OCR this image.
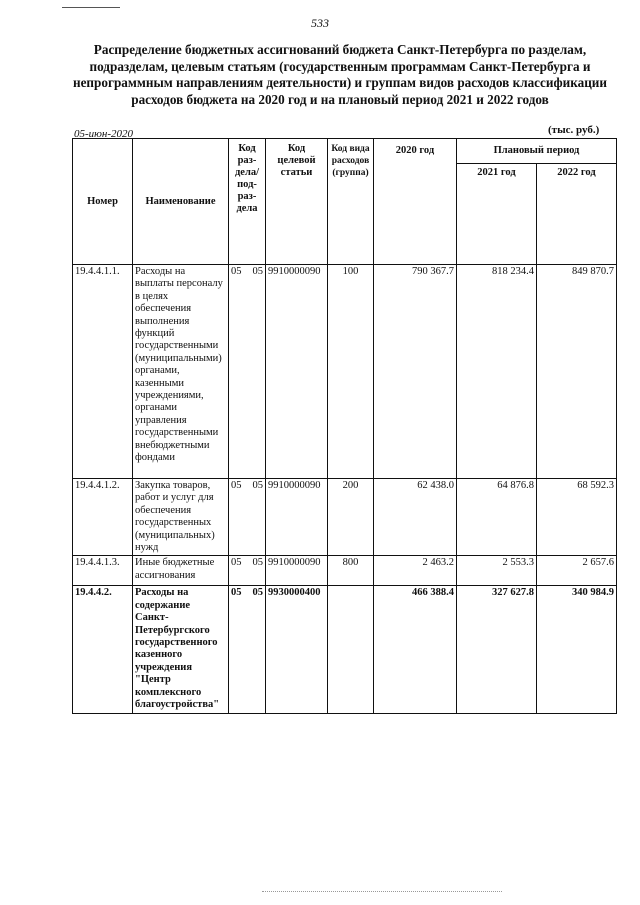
533
Распределение бюджетных ассигнований бюджета Санкт-Петербурга по разделам, подразделам, целевым статьям (государственным программам Санкт-Петербурга и непрограммным направлениям деятельности) и группам видов расходов классификации расходов бюджета на 2020 год и на плановый период 2021 и 2022 годов
05-июн-2020	(тыс. руб.)
Номер	Наименование	Код раз-дела/ под-раз-дела	Код целевой статьи	Код вида расходов (группа)	2020 год	Плановый период	
						2021 год	2022 год
19.4.4.1.1.	Расходы на выплаты персоналу в целях обеспечения выполнения функций государственными (муниципальными) органами, казенными учреждениями, органами управления государственными внебюджетными фондами	05 05	9910000090	100	790 367.7	818 234.4	849 870.7
19.4.4.1.2.	Закупка товаров, работ и услуг для обеспечения государственных (муниципальных) нужд	05 05	9910000090	200	62 438.0	64 876.8	68 592.3
19.4.4.1.3.	Иные бюджетные ассигнования	05 05	9910000090	800	2 463.2	2 553.3	2 657.6
19.4.4.2.	Расходы на содержание Санкт-Петербургского государственного казенного учреждения "Центр комплексного благоустройства"	05 05	9930000400		466 388.4	327 627.8	340 984.9
